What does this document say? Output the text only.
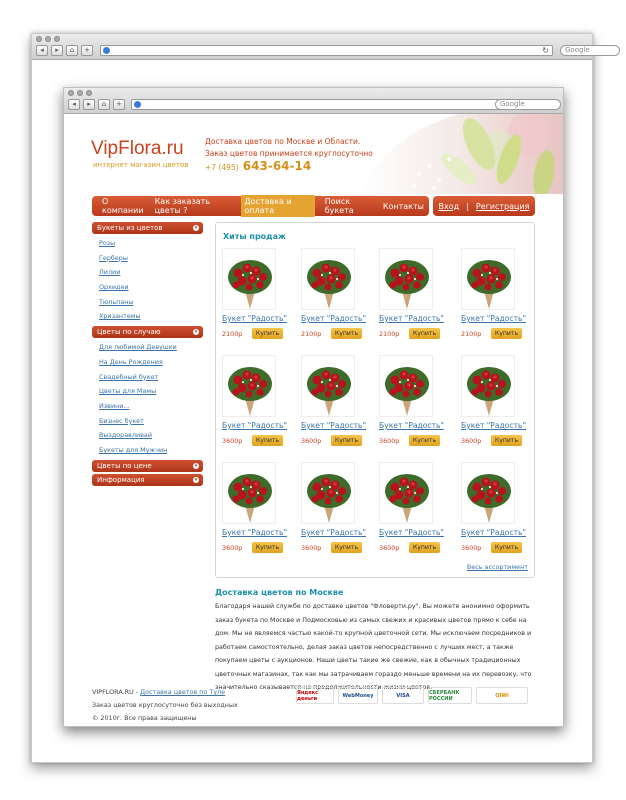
◂	▸	⌂	+	↻	Google
◂	▸	⌂	+	Google
VipFlora.ru
интернет магазин цветов
Доставка цветов по Москве и Области.
Заказ цветов принимается круглосуточно
+7 (495) 643-64-14
О компании
Как заказать цветы ?
Доставка и оплата
Поиск букета	Контакты Вход | Регистрация
Букеты из цветов	▾
Розы
Герберы
Лилии
Орхидеи
Тюльпаны
Хризантемы
Цветы по случаю	▾
Для любимой Девушки
На День Рождения
Свадебный букет
Цветы для Мамы
Извини...
Бизнес букет
Выздоравливай
Букеты для Мужчин
Цветы по цене	▾
Информация	▾
Хиты продаж
Весь ассортимент
Букет "Радость"
2100р	Купить
Букет "Радость"
2100р	Купить
Букет "Радость"
2100р	Купить
Букет "Радость"
2100р	Купить
Букет "Радость"
3600р	Купить
Букет "Радость"
3600р	Купить
Букет "Радость"
3600р	Купить
Букет "Радость"
3600р	Купить
Букет "Радость"
3600р	Купить
Букет "Радость"
3600р	Купить
Букет "Радость"
3600р	Купить
Букет "Радость"
3600р	Купить
Доставка цветов по Москве
Благодаря нашей службе по доставке цветов "Фловерти.ру", Вы можете анонимно оформить заказ букета по Москве и Подмосковью из самых свежих и красивых цветов прямо к себе на дом. Мы не являемся частью какой-то крупной цветочной сети. Мы исключаем посредников и работаем самостоятельно, делая заказ цветов непосредственно с лучших мест, а также покупаем цветы с аукционов. Наши цветы такие же свежие, как в обычных традиционных цветочных магазинах, так как мы затрачиваем гораздо меньше времени на их перевозку, что значительно сказывается на продолжительности жизни цветов.
VIPFLORA.RU - Доставка цветов по Туле
Заказ цветов круглосуточно без выходных
© 2010г. Все права защищены
Яндекс деньги	WebMoney	VISA	СБЕРБАНК РОССИИ	QIWI
